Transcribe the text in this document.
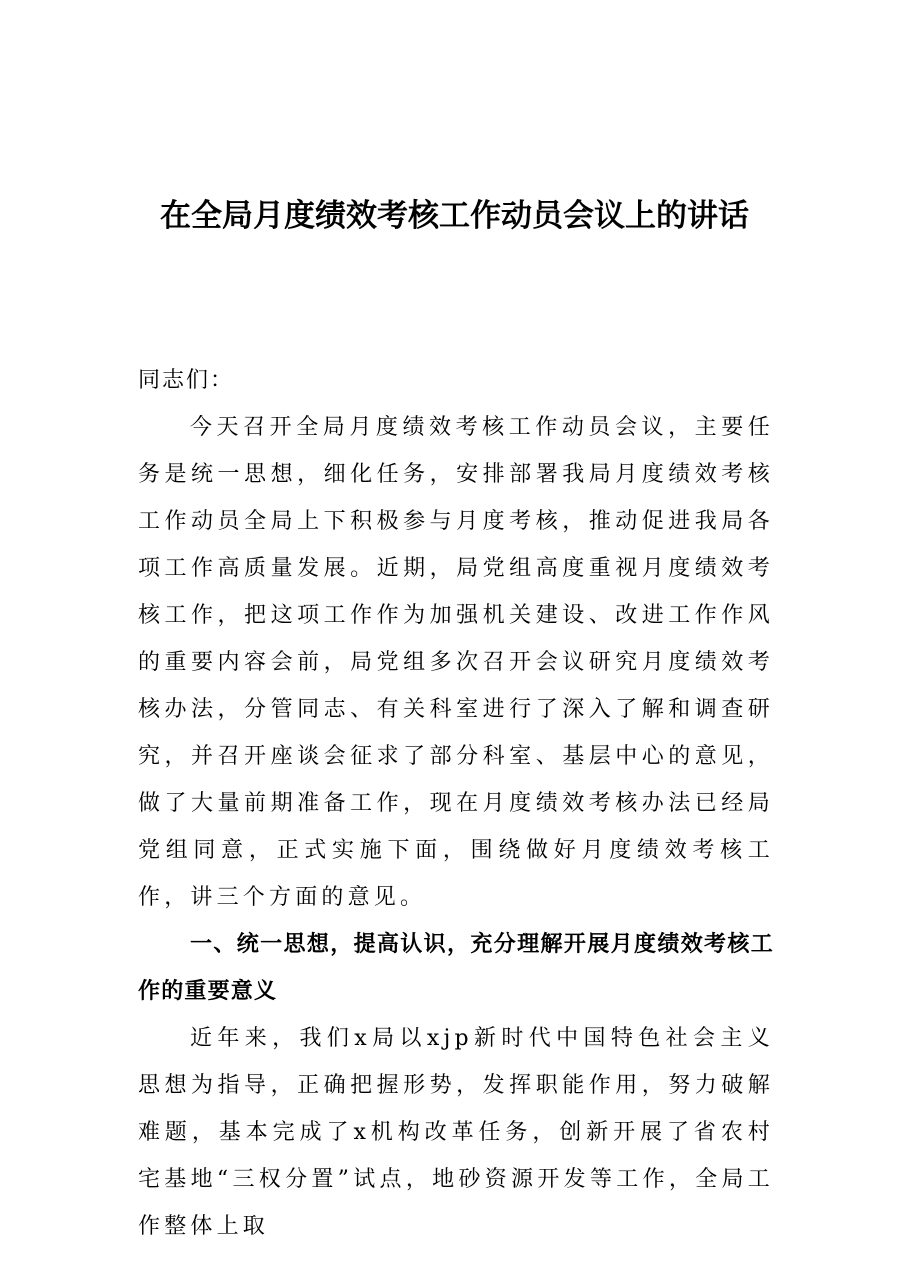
在全局月度绩效考核工作动员会议上的讲话

同志们：

今天召开全局月度绩效考核工作动员会议，主要任务是统一思想，细化任务，安排部署我局月度绩效考核工作动员全局上下积极参与月度考核，推动促进我局各项工作高质量发展。近期，局党组高度重视月度绩效考核工作，把这项工作作为加强机关建设、改进工作作风的重要内容会前，局党组多次召开会议研究月度绩效考核办法，分管同志、有关科室进行了深入了解和调查研究，并召开座谈会征求了部分科室、基层中心的意见，做了大量前期准备工作，现在月度绩效考核办法已经局党组同意，正式实施下面，围绕做好月度绩效考核工作，讲三个方面的意见。

一、统一思想，提高认识，充分理解开展月度绩效考核工作的重要意义

近年来，我们x局以xjp新时代中国特色社会主义思想为指导，正确把握形势，发挥职能作用，努力破解难题，基本完成了x机构改革任务，创新开展了省农村宅基地“三权分置”试点，地砂资源开发等工作，全局工作整体上取
